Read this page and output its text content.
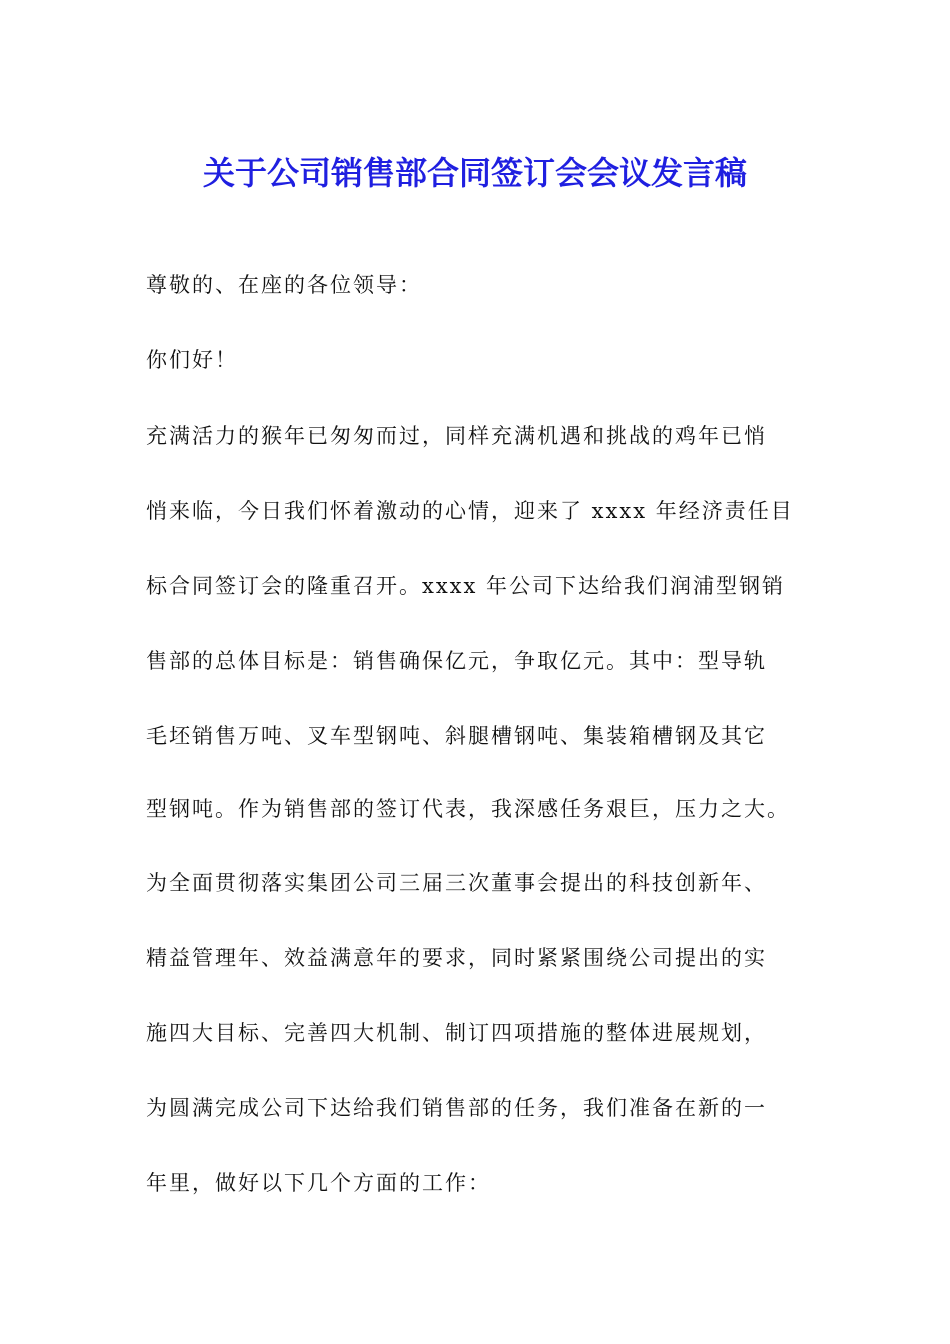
关于公司销售部合同签订会会议发言稿

尊敬的、在座的各位领导：

你们好！

充满活力的猴年已匆匆而过，同样充满机遇和挑战的鸡年已悄

悄来临，今日我们怀着激动的心情，迎来了 xxxx 年经济责任目

标合同签订会的隆重召开。xxxx 年公司下达给我们润浦型钢销

售部的总体目标是：销售确保亿元，争取亿元。其中：型导轨

毛坯销售万吨、叉车型钢吨、斜腿槽钢吨、集装箱槽钢及其它

型钢吨。作为销售部的签订代表，我深感任务艰巨，压力之大。

为全面贯彻落实集团公司三届三次董事会提出的科技创新年、

精益管理年、效益满意年的要求，同时紧紧围绕公司提出的实

施四大目标、完善四大机制、制订四项措施的整体进展规划，

为圆满完成公司下达给我们销售部的任务，我们准备在新的一

年里，做好以下几个方面的工作：
